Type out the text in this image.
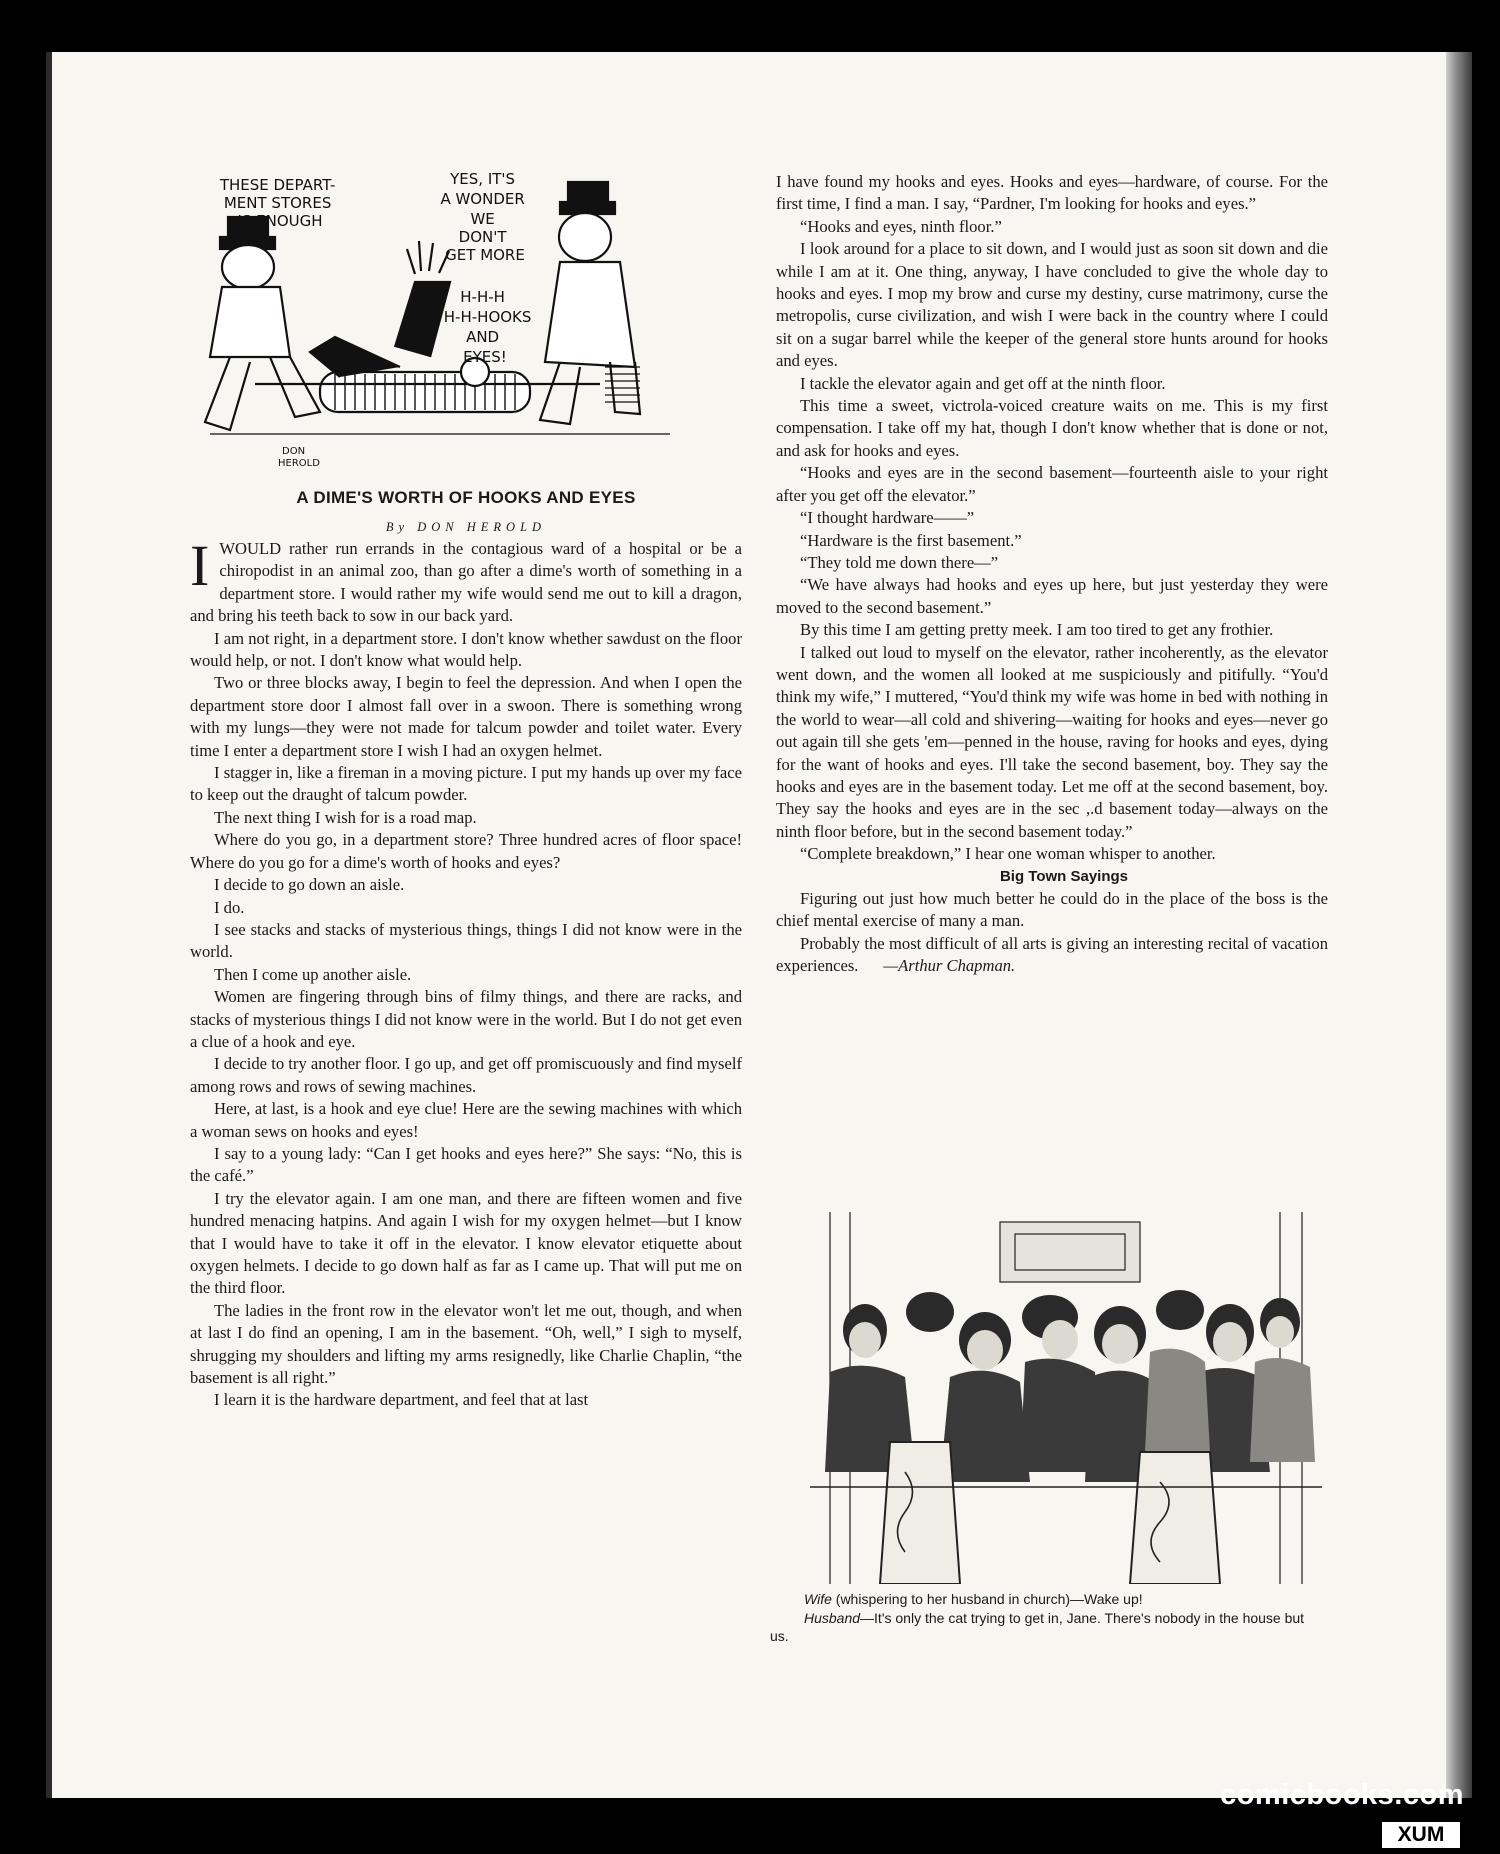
THESE DEPART- MENT STORES IS ENOUGH
YES, IT'S A WONDER WE DON'T GET MORE
H-H-H H-H-HOOKS AND EYES!
DON HEROLD
A DIME'S WORTH OF HOOKS AND EYES
By DON HEROLD

I WOULD rather run errands in the contagious ward of a hospital or be a chiropodist in an animal zoo, than go after a dime's worth of something in a department store. I would rather my wife would send me out to kill a dragon, and bring his teeth back to sow in our back yard.

I am not right, in a department store. I don't know whether sawdust on the floor would help, or not. I don't know what would help.

Two or three blocks away, I begin to feel the depression. And when I open the department store door I almost fall over in a swoon. There is something wrong with my lungs—they were not made for talcum powder and toilet water. Every time I enter a department store I wish I had an oxygen helmet.

I stagger in, like a fireman in a moving picture. I put my hands up over my face to keep out the draught of talcum powder.

The next thing I wish for is a road map.

Where do you go, in a department store? Three hundred acres of floor space! Where do you go for a dime's worth of hooks and eyes?

I decide to go down an aisle.

I do.

I see stacks and stacks of mysterious things, things I did not know were in the world.

Then I come up another aisle.

Women are fingering through bins of filmy things, and there are racks, and stacks of mysterious things I did not know were in the world. But I do not get even a clue of a hook and eye.

I decide to try another floor. I go up, and get off promiscuously and find myself among rows and rows of sewing machines.

Here, at last, is a hook and eye clue! Here are the sewing machines with which a woman sews on hooks and eyes!

I say to a young lady: “Can I get hooks and eyes here?” She says: “No, this is the café.”

I try the elevator again. I am one man, and there are fifteen women and five hundred menacing hatpins. And again I wish for my oxygen helmet—but I know that I would have to take it off in the elevator. I know elevator etiquette about oxygen helmets. I decide to go down half as far as I came up. That will put me on the third floor.

The ladies in the front row in the elevator won't let me out, though, and when at last I do find an opening, I am in the basement. “Oh, well,” I sigh to myself, shrugging my shoulders and lifting my arms resignedly, like Charlie Chaplin, “the basement is all right.”

I learn it is the hardware department, and feel that at last

I have found my hooks and eyes. Hooks and eyes—hardware, of course. For the first time, I find a man. I say, “Pardner, I'm looking for hooks and eyes.”

“Hooks and eyes, ninth floor.”

I look around for a place to sit down, and I would just as soon sit down and die while I am at it. One thing, anyway, I have concluded to give the whole day to hooks and eyes. I mop my brow and curse my destiny, curse matrimony, curse the metropolis, curse civilization, and wish I were back in the country where I could sit on a sugar barrel while the keeper of the general store hunts around for hooks and eyes.

I tackle the elevator again and get off at the ninth floor.

This time a sweet, victrola-voiced creature waits on me. This is my first compensation. I take off my hat, though I don't know whether that is done or not, and ask for hooks and eyes.

“Hooks and eyes are in the second basement—fourteenth aisle to your right after you get off the elevator.”

“I thought hardware——”

“Hardware is the first basement.”

“They told me down there—”

“We have always had hooks and eyes up here, but just yesterday they were moved to the second basement.”

By this time I am getting pretty meek. I am too tired to get any frothier.

I talked out loud to myself on the elevator, rather incoherently, as the elevator went down, and the women all looked at me suspiciously and pitifully. “You'd think my wife,” I muttered, “You'd think my wife was home in bed with nothing in the world to wear—all cold and shivering—waiting for hooks and eyes—never go out again till she gets 'em—penned in the house, raving for hooks and eyes, dying for the want of hooks and eyes. I'll take the second basement, boy. They say the hooks and eyes are in the basement today. Let me off at the second basement, boy. They say the hooks and eyes are in the sec ,.d basement today—always on the ninth floor before, but in the second basement today.”

“Complete breakdown,” I hear one woman whisper to another.

Big Town Sayings

Figuring out just how much better he could do in the place of the boss is the chief mental exercise of many a man.

Probably the most difficult of all arts is giving an interesting recital of vacation experiences. —Arthur Chapman.

Wife (whispering to her husband in church)—Wake up!

Husband—It's only the cat trying to get in, Jane. There's nobody in the house but us.

comicbooks.com
XUM
